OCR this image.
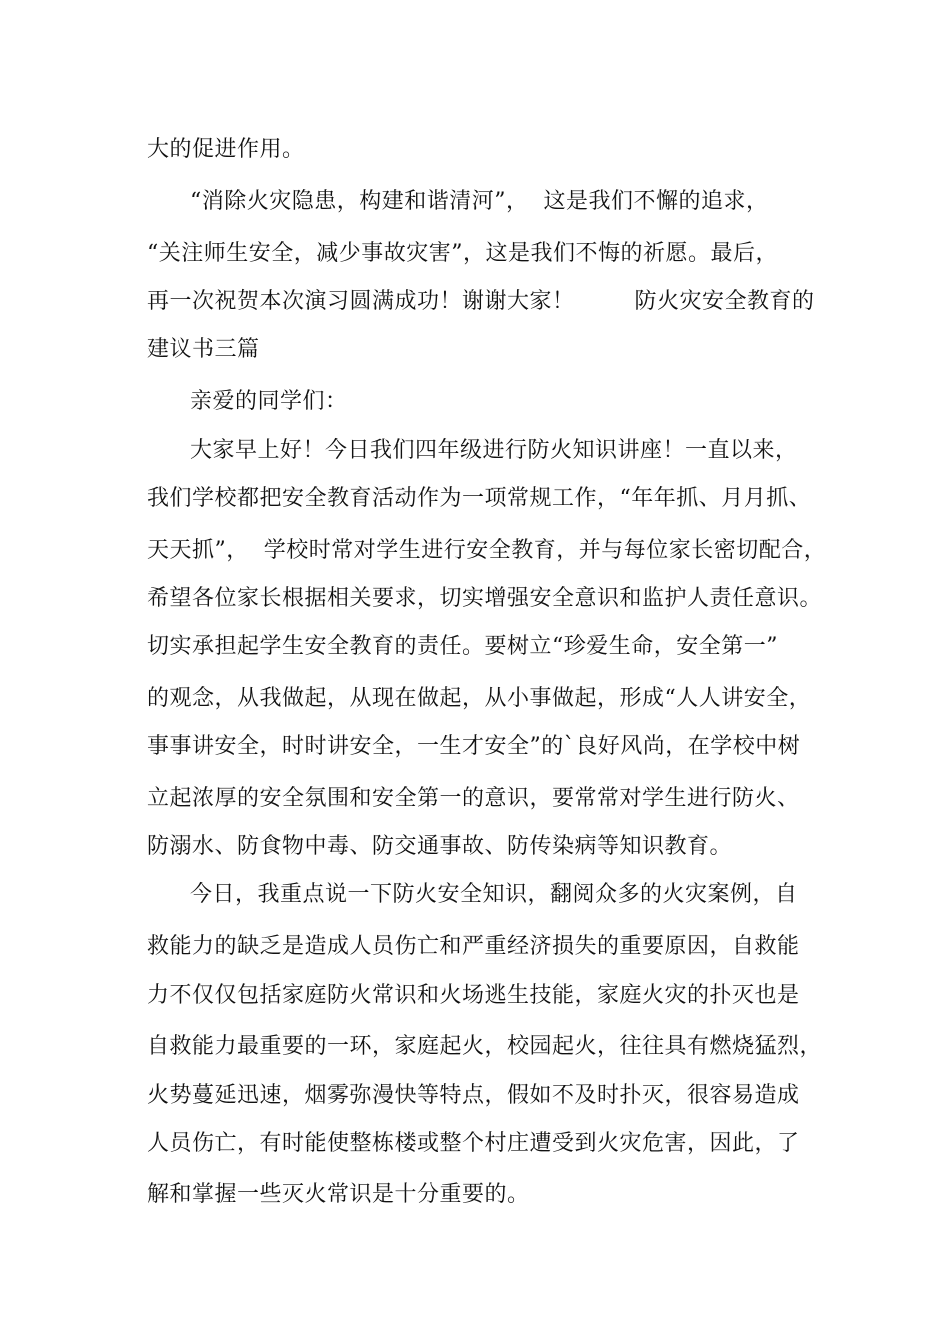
大的促进作用。
“消除火灾隐患，构建和谐清河”，  这是我们不懈的追求，
“关注师生安全，减少事故灾害”，这是我们不悔的祈愿。最后，
再一次祝贺本次演习圆满成功！谢谢大家！        防火灾安全教育的
建议书三篇
亲爱的同学们：
大家早上好！今日我们四年级进行防火知识讲座！一直以来，
我们学校都把安全教育活动作为一项常规工作，“年年抓、月月抓、
天天抓”，  学校时常对学生进行安全教育，并与每位家长密切配合，
希望各位家长根据相关要求，切实增强安全意识和监护人责任意识。
切实承担起学生安全教育的责任。要树立“珍爱生命，安全第一”
的观念，从我做起，从现在做起，从小事做起，形成“人人讲安全，
事事讲安全，时时讲安全，一生才安全”的`良好风尚，在学校中树
立起浓厚的安全氛围和安全第一的意识，要常常对学生进行防火、
防溺水、防食物中毒、防交通事故、防传染病等知识教育。
今日，我重点说一下防火安全知识，翻阅众多的火灾案例，自
救能力的缺乏是造成人员伤亡和严重经济损失的重要原因，自救能
力不仅仅包括家庭防火常识和火场逃生技能，家庭火灾的扑灭也是
自救能力最重要的一环，家庭起火，校园起火，往往具有燃烧猛烈，
火势蔓延迅速，烟雾弥漫快等特点，假如不及时扑灭，很容易造成
人员伤亡，有时能使整栋楼或整个村庄遭受到火灾危害，因此，了
解和掌握一些灭火常识是十分重要的。
